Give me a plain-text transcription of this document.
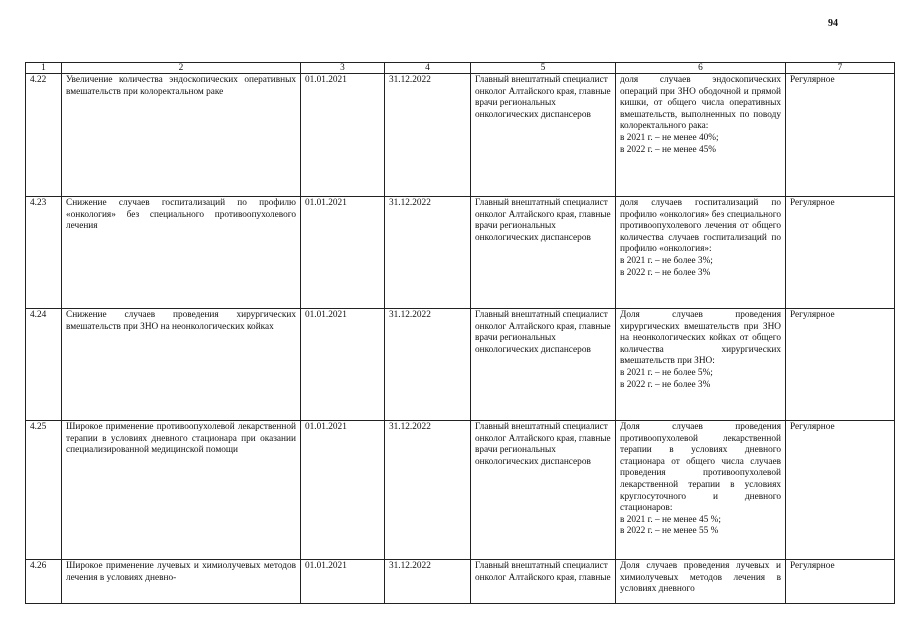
94
1	2	3	4	5	6	7
4.22	Увеличение количества эндоскопических оперативных вмешательств при колоректальном раке	01.01.2021	31.12.2022	Главный внештатный специалист онколог Алтайского края, главные врачи региональных онкологических диспансеров	доля случаев эндоскопических операций при ЗНО ободочной и прямой кишки, от общего числа оперативных вмешательств, выполненных по поводу колоректального рака:
в 2021 г. – не менее 40%;
в 2022 г. – не менее 45%	Регулярное
4.23	Снижение случаев госпитализаций по профилю «онкология» без специального противоопухолевого лечения	01.01.2021	31.12.2022	Главный внештатный специалист онколог Алтайского края, главные врачи региональных онкологических диспансеров	доля случаев госпитализаций по профилю «онкология» без специального противоопухолевого лечения от общего количества случаев госпитализаций по профилю «онкология»:
в 2021 г. – не более 3%;
в 2022 г. – не более 3%	Регулярное
4.24	Снижение случаев проведения хирургических вмешательств при ЗНО на неонкологических койках	01.01.2021	31.12.2022	Главный внештатный специалист онколог Алтайского края, главные врачи региональных онкологических диспансеров	Доля случаев проведения хирургических вмешательств при ЗНО на неонкологических койках от общего количества хирургических вмешательств при ЗНО:
в 2021 г. – не более 5%;
в 2022 г. – не более 3%	Регулярное
4.25	Широкое применение противоопухолевой лекарственной терапии в условиях дневного стационара при оказании специализированной медицинской помощи	01.01.2021	31.12.2022	Главный внештатный специалист онколог Алтайского края, главные врачи региональных онкологических диспансеров	Доля случаев проведения противоопухолевой лекарственной терапии в условиях дневного стационара от общего числа случаев проведения противоопухолевой лекарственной терапии в условиях круглосуточного и дневного стационаров:
в 2021 г. – не менее 45 %;
в 2022 г. – не менее 55 %	Регулярное
4.26	Широкое применение лучевых и химиолучевых методов лечения в условиях дневно-	01.01.2021	31.12.2022	Главный внештатный специалист онколог Алтайского края, главные	Доля случаев проведения лучевых и химиолучевых методов лечения в условиях дневного	Регулярное
